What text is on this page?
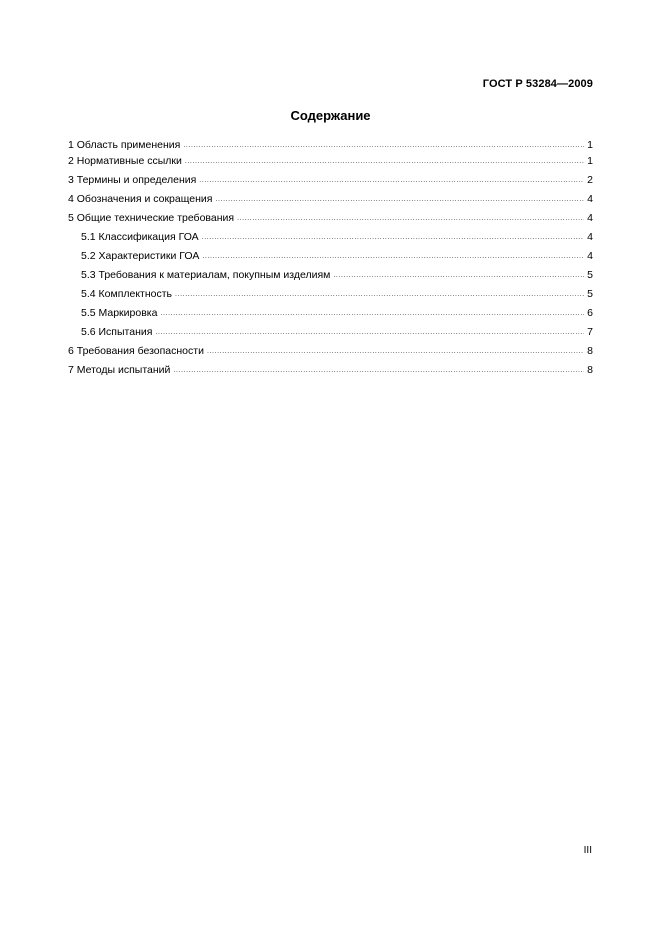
ГОСТ Р 53284—2009
Содержание
1 Область применения .....	1
2 Нормативные ссылки .....	1
3 Термины и определения .....	2
4 Обозначения и сокращения .....	4
5 Общие технические требования .....	4
5.1 Классификация ГОА .....	4
5.2 Характеристики ГОА .....	4
5.3 Требования к материалам, покупным изделиям .....	5
5.4 Комплектность .....	5
5.5 Маркировка .....	6
5.6 Испытания .....	7
6 Требования безопасности .....	8
7 Методы испытаний .....	8
III
